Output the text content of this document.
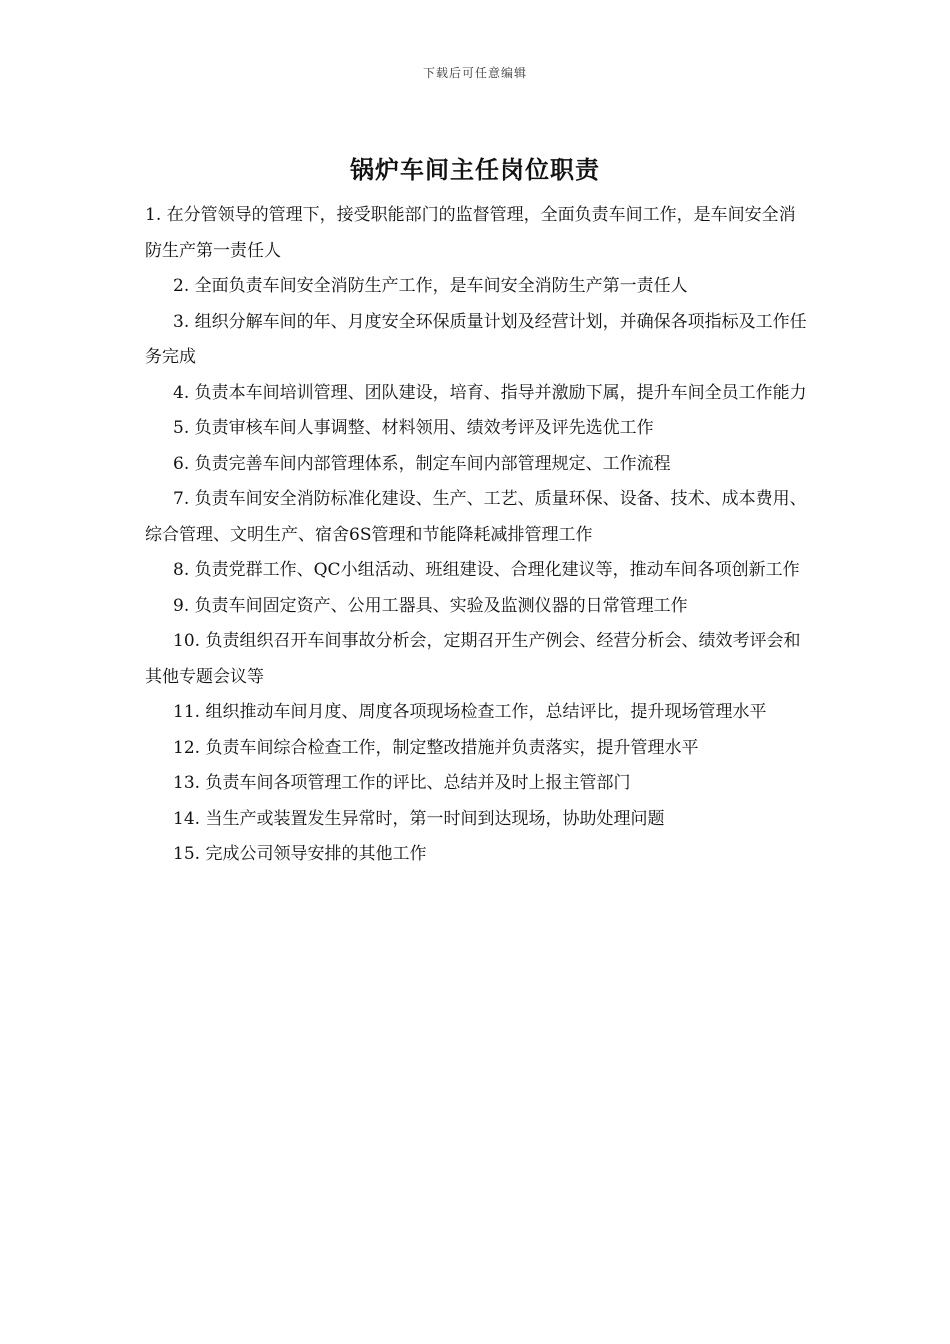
下载后可任意编辑
锅炉车间主任岗位职责
1. 在分管领导的管理下，接受职能部门的监督管理，全面负责车间工作，是车间安全消防生产第一责任人
2. 全面负责车间安全消防生产工作，是车间安全消防生产第一责任人
3. 组织分解车间的年、月度安全环保质量计划及经营计划，并确保各项指标及工作任务完成
4. 负责本车间培训管理、团队建设，培育、指导并激励下属，提升车间全员工作能力
5. 负责审核车间人事调整、材料领用、绩效考评及评先选优工作
6. 负责完善车间内部管理体系，制定车间内部管理规定、工作流程
7. 负责车间安全消防标准化建设、生产、工艺、质量环保、设备、技术、成本费用、综合管理、文明生产、宿舍6S管理和节能降耗减排管理工作
8. 负责党群工作、QC小组活动、班组建设、合理化建议等，推动车间各项创新工作
9. 负责车间固定资产、公用工器具、实验及监测仪器的日常管理工作
10. 负责组织召开车间事故分析会，定期召开生产例会、经营分析会、绩效考评会和其他专题会议等
11. 组织推动车间月度、周度各项现场检查工作，总结评比，提升现场管理水平
12. 负责车间综合检查工作，制定整改措施并负责落实，提升管理水平
13. 负责车间各项管理工作的评比、总结并及时上报主管部门
14. 当生产或装置发生异常时，第一时间到达现场，协助处理问题
15. 完成公司领导安排的其他工作
